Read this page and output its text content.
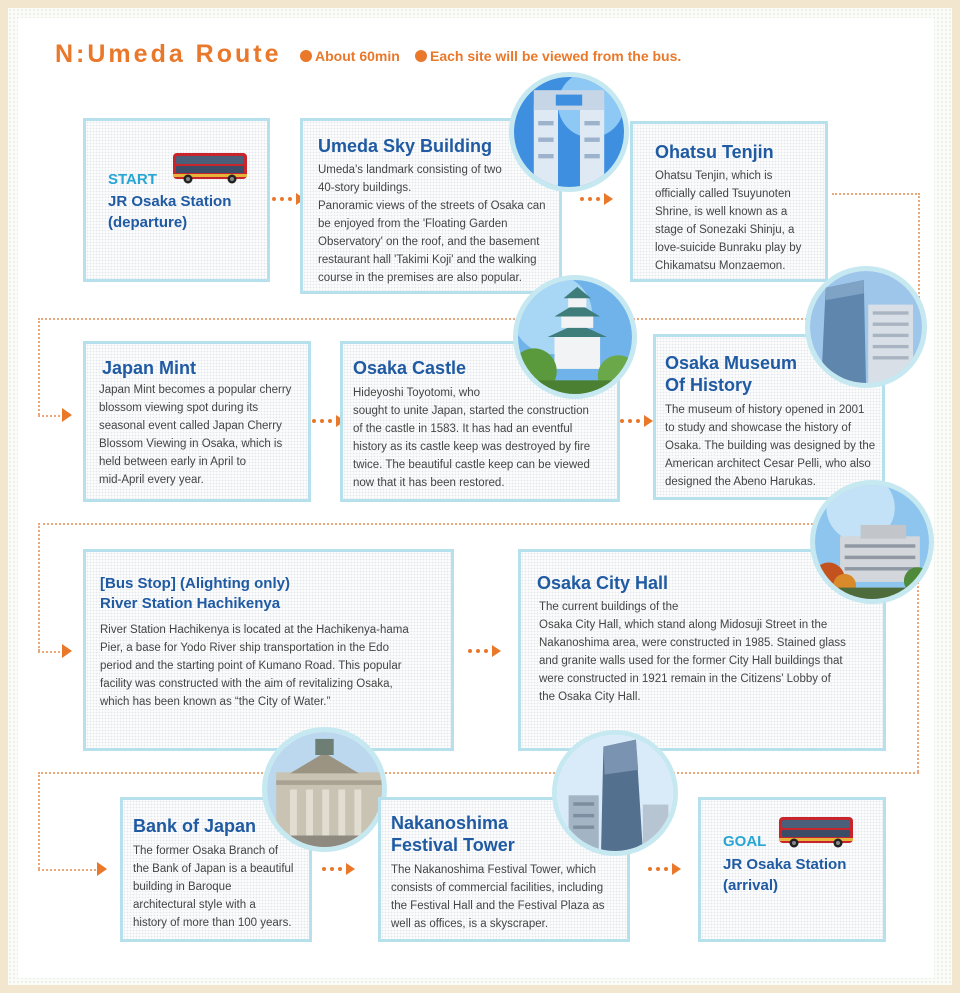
N:Umeda Route About 60min Each site will be viewed from the bus.
START
JR Osaka Station
(departure)
Umeda Sky Building

Umeda's landmark consisting of two

40-story buildings.

Panoramic views of the streets of Osaka can

be enjoyed from the 'Floating Garden

Observatory' on the roof, and the basement

restaurant hall 'Takimi Koji' and the walking

course in the premises are also popular.

Ohatsu Tenjin

Ohatsu Tenjin, which is

officially called Tsuyunoten

Shrine, is well known as a

stage of Sonezaki Shinju, a

love-suicide Bunraku play by

Chikamatsu Monzaemon.

Japan Mint

Japan Mint becomes a popular cherry

blossom viewing spot during its

seasonal event called Japan Cherry

Blossom Viewing in Osaka, which is

held between early in April to

mid-April every year.

Osaka Castle

Hideyoshi Toyotomi, who

sought to unite Japan, started the construction

of the castle in 1583. It has had an eventful

history as its castle keep was destroyed by fire

twice. The beautiful castle keep can be viewed

now that it has been restored.

Osaka Museum
Of History

The museum of history opened in 2001

to study and showcase the history of

Osaka. The building was designed by the

American architect Cesar Pelli, who also

designed the Abeno Harukas.

[Bus Stop] (Alighting only)
River Station Hachikenya

River Station Hachikenya is located at the Hachikenya-hama

Pier, a base for Yodo River ship transportation in the Edo

period and the starting point of Kumano Road. This popular

facility was constructed with the aim of revitalizing Osaka,

which has been known as “the City of Water.”

Osaka City Hall

The current buildings of the

Osaka City Hall, which stand along Midosuji Street in the

Nakanoshima area, were constructed in 1985. Stained glass

and granite walls used for the former City Hall buildings that

were constructed in 1921 remain in the Citizens' Lobby of

the Osaka City Hall.

Bank of Japan

The former Osaka Branch of

the Bank of Japan is a beautiful

building in Baroque

architectural style with a

history of more than 100 years.

Nakanoshima
Festival Tower

The Nakanoshima Festival Tower, which

consists of commercial facilities, including

the Festival Hall and the Festival Plaza as

well as offices, is a skyscraper.

GOAL
JR Osaka Station
(arrival)
